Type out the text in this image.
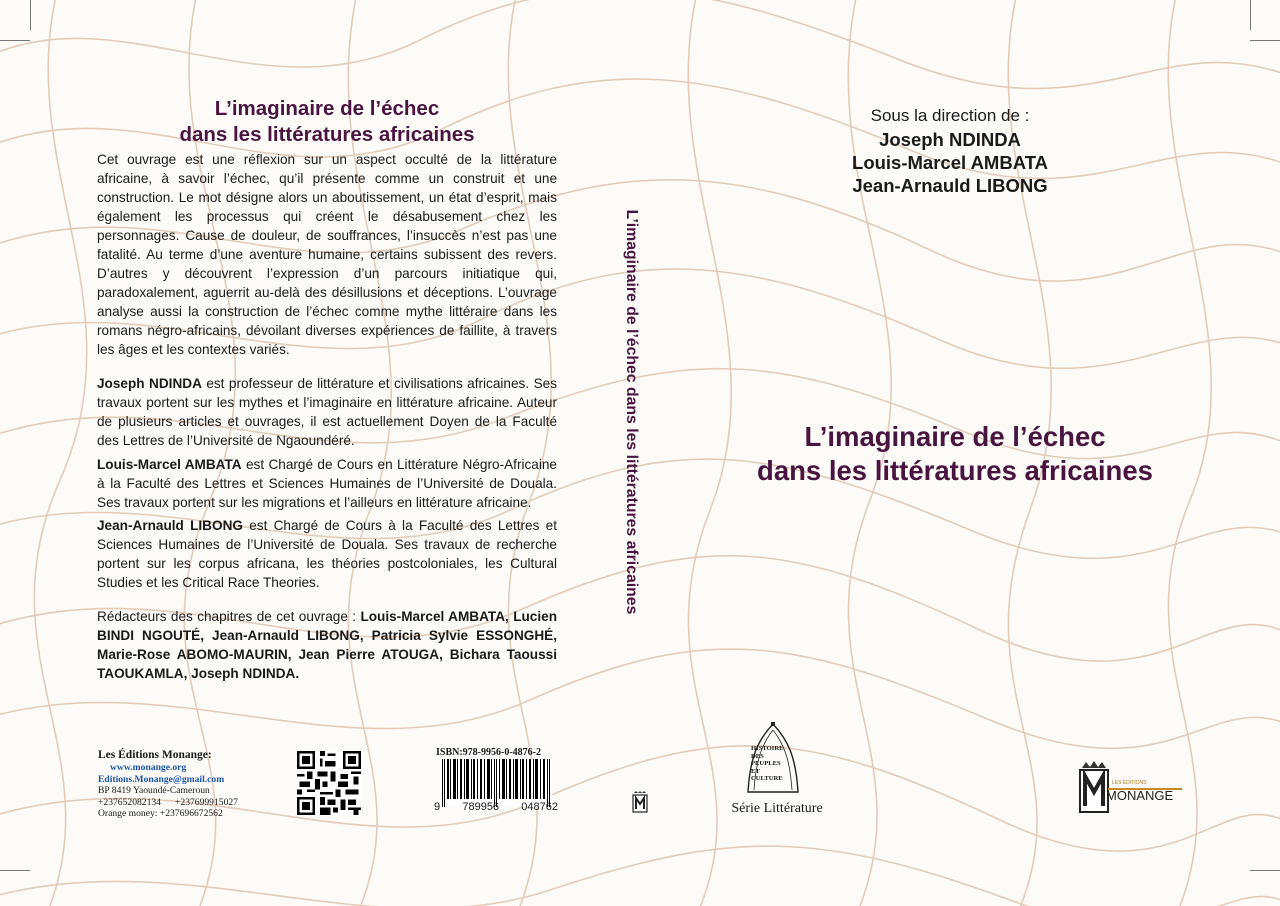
L’imaginaire de l’échec
dans les littératures africaines
Cet ouvrage est une réflexion sur un aspect occulté de la littérature africaine, à savoir l’échec, qu’il présente comme un construit et une construction. Le mot désigne alors un aboutissement, un état d’esprit, mais également les processus qui créent le désabusement chez les personnages. Cause de douleur, de souffrances, l’insuccès n’est pas une fatalité. Au terme d’une aventure humaine, certains subissent des revers. D’autres y découvrent l’expression d’un parcours initiatique qui, paradoxalement, aguerrit au-delà des désillusions et déceptions. L’ouvrage analyse aussi la construction de l’échec comme mythe littéraire dans les romans négro-africains, dévoilant diverses expériences de faillite, à travers les âges et les contextes variés.
Joseph NDINDA est professeur de littérature et civilisations africaines. Ses travaux portent sur les mythes et l’imaginaire en littérature africaine. Auteur de plusieurs articles et ouvrages, il est actuellement Doyen de la Faculté des Lettres de l’Université de Ngaoundéré.
Louis-Marcel AMBATA est Chargé de Cours en Littérature Négro-Africaine à la Faculté des Lettres et Sciences Humaines de l’Université de Douala. Ses travaux portent sur les migrations et l’ailleurs en littérature africaine.
Jean-Arnauld LIBONG est Chargé de Cours à la Faculté des Lettres et Sciences Humaines de l’Université de Douala. Ses travaux de recherche portent sur les corpus africana, les théories postcoloniales, les Cultural Studies et les Critical Race Theories.
Rédacteurs des chapitres de cet ouvrage : Louis-Marcel AMBATA, Lucien BINDI NGOUTÉ, Jean-Arnauld LIBONG, Patricia Sylvie ESSONGHÉ, Marie-Rose ABOMO-MAURIN, Jean Pierre ATOUGA, Bichara Taoussi TAOUKAMLA, Joseph NDINDA.
Les Éditions Monange:
www.monange.org
Editions.Monange@gmail.com
BP 8419 Yaoundé-Cameroun
+237652082134 +237699915027
Orange money: +237696672562
ISBN:978-9956-0-4876-2
9 789956 048762
L’imaginaire de l’échec dans les littératures africaines
Sous la direction de :
Joseph NDINDA
Louis-Marcel AMBATA
Jean-Arnauld LIBONG
L’imaginaire de l’échec
dans les littératures africaines
HISTOIRE
DES
PEUPLES
ET
CULTURE
Série Littérature
LES ÉDITIONS
MONANGE
